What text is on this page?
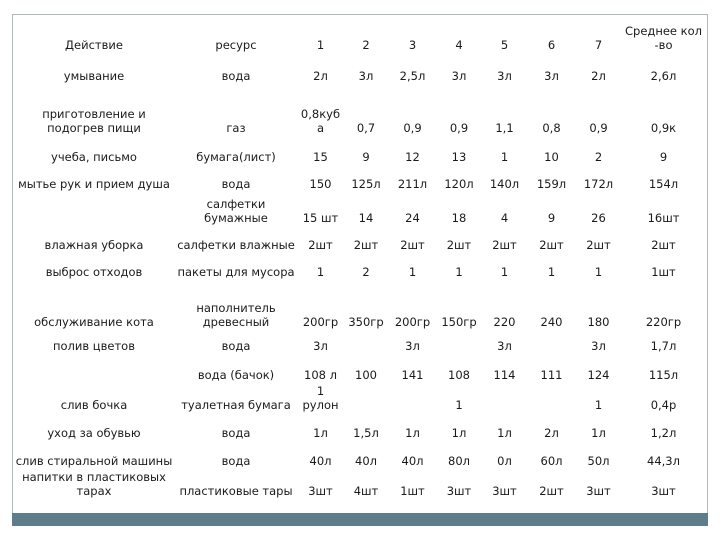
Действие	ресурс	1	2	3	4	5	6	7	Среднее кол -во
умывание	вода	2л	3л	2,5л	3л	3л	3л	2л	2,6л
приготовление и подогрев пищи	газ	0,8куб а	0,7	0,9	0,9	1,1	0,8	0,9	0,9к
учеба, письмо	бумага(лист)	15	9	12	13	1	10	2	9
мытье рук и прием душа	вода	150	125л	211л	120л	140л	159л	172л	154л
	салфетки бумажные	15 шт	14	24	18	4	9	26	16шт
влажная уборка	салфетки влажные	2шт	2шт	2шт	2шт	2шт	2шт	2шт	2шт
выброс отходов	пакеты для мусора	1	2	1	1	1	1	1	1шт
обслуживание кота	наполнитель древесный	200гр	350гр	200гр	150гр	220	240	180	220гр
полив цветов	вода	3л		3л		3л		3л	1,7л
	вода (бачок)	108 л	100	141	108	114	111	124	115л
слив бочка	туалетная бумага	1 рулон			1			1	0,4р
уход за обувью	вода	1л	1,5л	1л	1л	1л	2л	1л	1,2л
слив стиральной машины	вода	40л	40л	40л	80л	0л	60л	50л	44,3л
напитки в пластиковых тарах	пластиковые тары	3шт	4шт	1шт	3шт	3шт	2шт	3шт	3шт
